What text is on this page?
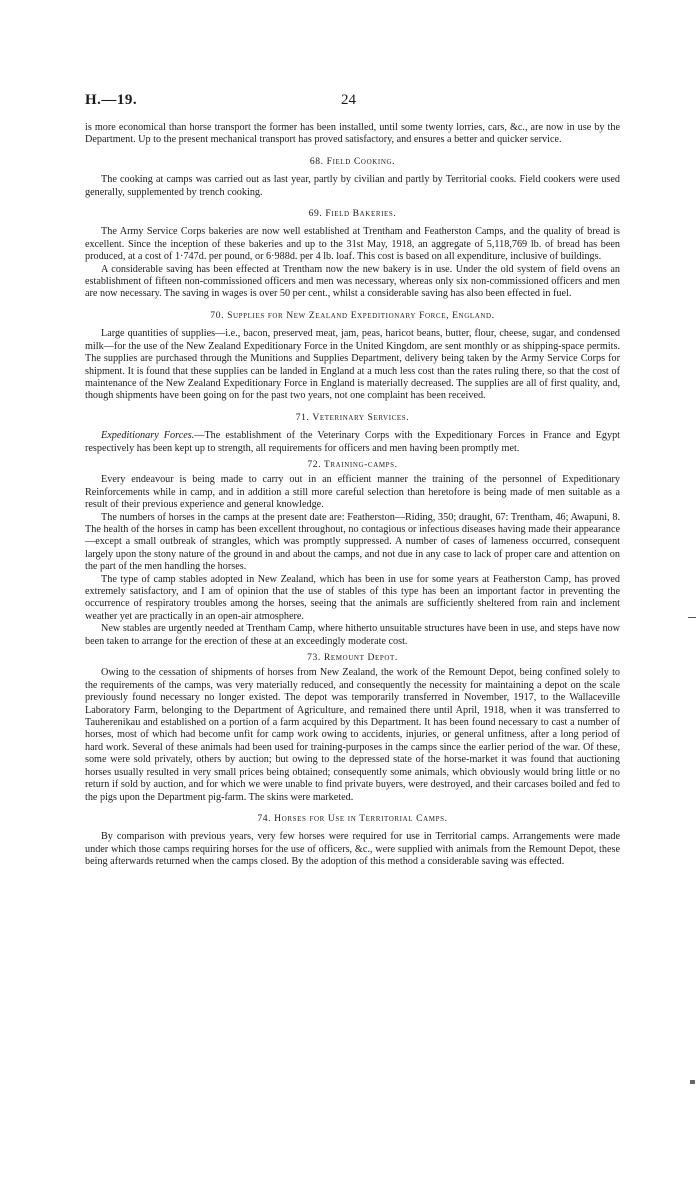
H.—19.	24

is more economical than horse transport the former has been installed, until some twenty lorries, cars, &c., are now in use by the Department. Up to the present mechanical transport has proved satisfactory, and ensures a better and quicker service.

68. Field Cooking.

The cooking at camps was carried out as last year, partly by civilian and partly by Territorial cooks. Field cookers were used generally, supplemented by trench cooking.

69. Field Bakeries.

The Army Service Corps bakeries are now well established at Trentham and Featherston Camps, and the quality of bread is excellent. Since the inception of these bakeries and up to the 31st May, 1918, an aggregate of 5,118,769 lb. of bread has been produced, at a cost of 1·747d. per pound, or 6·988d. per 4 lb. loaf. This cost is based on all expenditure, inclusive of buildings.

A considerable saving has been effected at Trentham now the new bakery is in use. Under the old system of field ovens an establishment of fifteen non-commissioned officers and men was necessary, whereas only six non-commissioned officers and men are now necessary. The saving in wages is over 50 per cent., whilst a considerable saving has also been effected in fuel.

70. Supplies for New Zealand Expeditionary Force, England.

Large quantities of supplies—i.e., bacon, preserved meat, jam, peas, haricot beans, butter, flour, cheese, sugar, and condensed milk—for the use of the New Zealand Expeditionary Force in the United Kingdom, are sent monthly or as shipping-space permits. The supplies are purchased through the Munitions and Supplies Department, delivery being taken by the Army Service Corps for shipment. It is found that these supplies can be landed in England at a much less cost than the rates ruling there, so that the cost of maintenance of the New Zealand Expeditionary Force in England is materially decreased. The supplies are all of first quality, and, though shipments have been going on for the past two years, not one complaint has been received.

71. Veterinary Services.

Expeditionary Forces.—The establishment of the Veterinary Corps with the Expeditionary Forces in France and Egypt respectively has been kept up to strength, all requirements for officers and men having been promptly met.

72. Training-camps.

Every endeavour is being made to carry out in an efficient manner the training of the personnel of Expeditionary Reinforcements while in camp, and in addition a still more careful selection than heretofore is being made of men suitable as a result of their previous experience and general knowledge.

The numbers of horses in the camps at the present date are: Featherston—Riding, 350; draught, 67: Trentham, 46; Awapuni, 8. The health of the horses in camp has been excellent throughout, no contagious or infectious diseases having made their appearance—except a small outbreak of strangles, which was promptly suppressed. A number of cases of lameness occurred, consequent largely upon the stony nature of the ground in and about the camps, and not due in any case to lack of proper care and attention on the part of the men handling the horses.

The type of camp stables adopted in New Zealand, which has been in use for some years at Featherston Camp, has proved extremely satisfactory, and I am of opinion that the use of stables of this type has been an important factor in preventing the occurrence of respiratory troubles among the horses, seeing that the animals are sufficiently sheltered from rain and inclement weather yet are practically in an open-air atmosphere.

New stables are urgently needed at Trentham Camp, where hitherto unsuitable structures have been in use, and steps have now been taken to arrange for the erection of these at an exceedingly moderate cost.

73. Remount Depot.

Owing to the cessation of shipments of horses from New Zealand, the work of the Remount Depot, being confined solely to the requirements of the camps, was very materially reduced, and consequently the necessity for maintaining a depot on the scale previously found necessary no longer existed. The depot was temporarily transferred in November, 1917, to the Wallaceville Laboratory Farm, belonging to the Department of Agriculture, and remained there until April, 1918, when it was transferred to Tauherenikau and established on a portion of a farm acquired by this Department. It has been found necessary to cast a number of horses, most of which had become unfit for camp work owing to accidents, injuries, or general unfitness, after a long period of hard work. Several of these animals had been used for training-purposes in the camps since the earlier period of the war. Of these, some were sold privately, others by auction; but owing to the depressed state of the horse-market it was found that auctioning horses usually resulted in very small prices being obtained; consequently some animals, which obviously would bring little or no return if sold by auction, and for which we were unable to find private buyers, were destroyed, and their carcases boiled and fed to the pigs upon the Department pig-farm. The skins were marketed.

74. Horses for Use in Territorial Camps.

By comparison with previous years, very few horses were required for use in Territorial camps. Arrangements were made under which those camps requiring horses for the use of officers, &c., were supplied with animals from the Remount Depot, these being afterwards returned when the camps closed. By the adoption of this method a considerable saving was effected.
